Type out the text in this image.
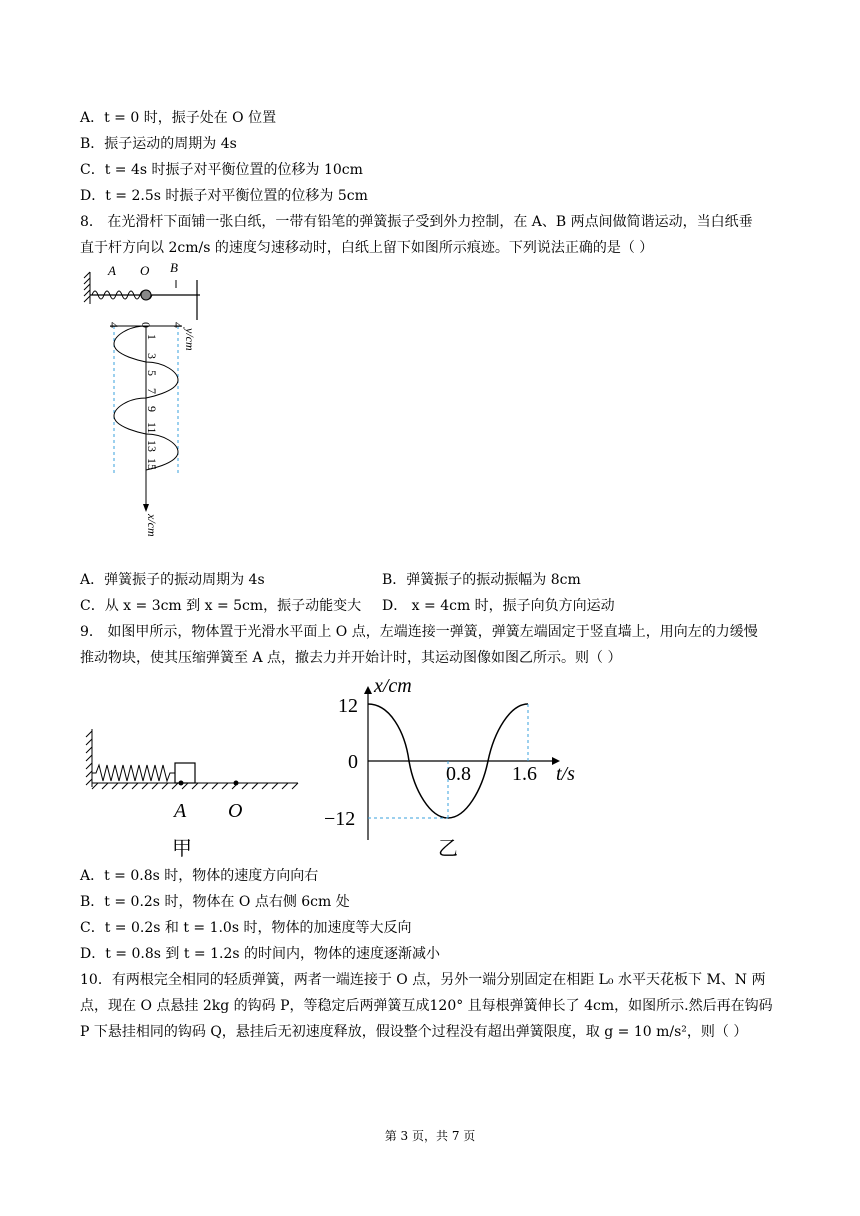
A．t = 0 时，振子处在 O 位置
B．振子运动的周期为 4s
C．t = 4s 时振子对平衡位置的位移为 10cm
D．t = 2.5s 时振子对平衡位置的位移为 5cm
8． 在光滑杆下面铺一张白纸，一带有铅笔的弹簧振子受到外力控制，在 A、B 两点间做简谐运动，当白纸垂
直于杆方向以 2cm/s 的速度匀速移动时，白纸上留下如图所示痕迹。下列说法正确的是（ ）
A O B
4 0 4
y/cm
1
3
5
7
9
11
13
15
x/cm
A．弹簧振子的振动周期为 4s	B．弹簧振子的振动振幅为 8cm
C．从 x = 3cm 到 x = 5cm，振子动能变大 D． x = 4cm 时，振子向负方向运动
9． 如图甲所示，物体置于光滑水平面上 O 点，左端连接一弹簧，弹簧左端固定于竖直墙上，用向左的力缓慢
推动物块，使其压缩弹簧至 A 点，撤去力并开始计时，其运动图像如图乙所示。则（ ）
A O
甲
x/cm
12
0
−12
0.8 1.6 t/s
乙
A．t = 0.8s 时，物体的速度方向向右
B．t = 0.2s 时，物体在 O 点右侧 6cm 处
C．t = 0.2s 和 t = 1.0s 时，物体的加速度等大反向
D．t = 0.8s 到 t = 1.2s 的时间内，物体的速度逐渐减小
10．有两根完全相同的轻质弹簧，两者一端连接于 O 点，另外一端分别固定在相距 L₀ 水平天花板下 M、N 两
点，现在 O 点悬挂 2kg 的钩码 P，等稳定后两弹簧互成120° 且每根弹簧伸长了 4cm，如图所示.然后再在钩码
P 下悬挂相同的钩码 Q，悬挂后无初速度释放，假设整个过程没有超出弹簧限度，取 g = 10 m/s²，则（ ）
第 3 页，共 7 页
